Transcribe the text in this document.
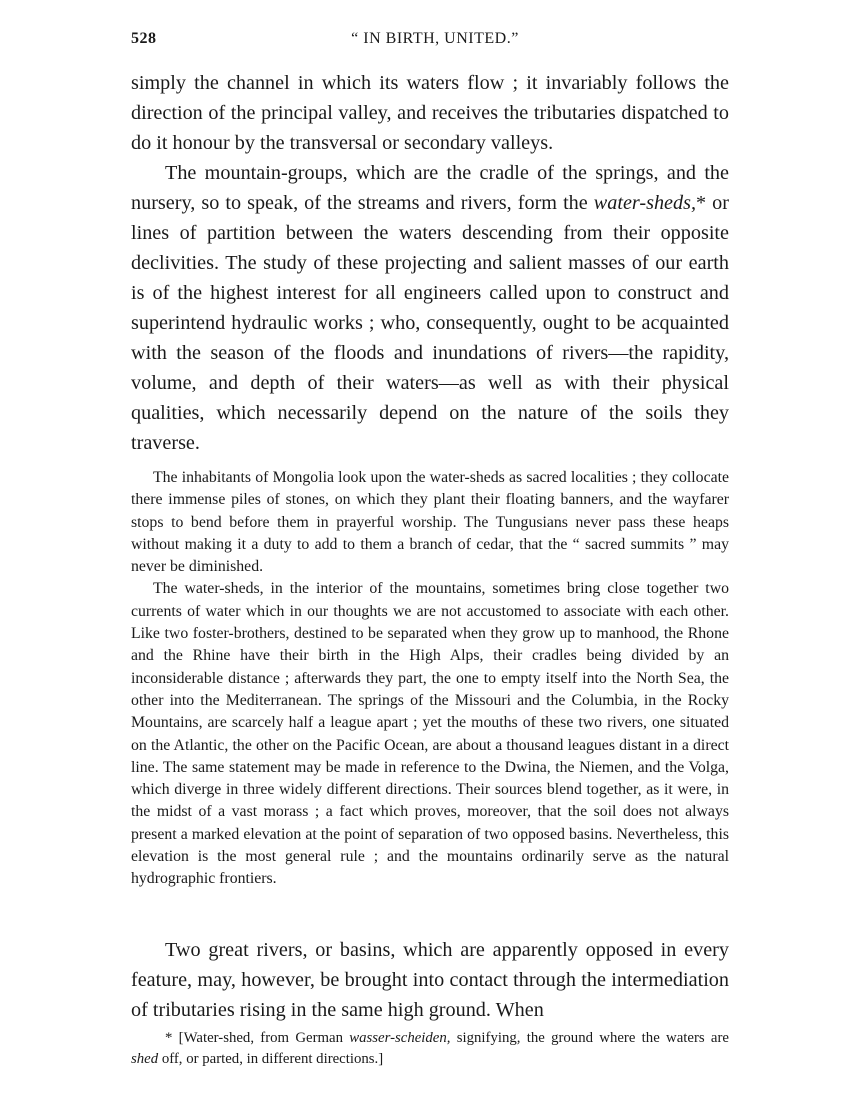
528	“ IN BIRTH, UNITED.”

simply the channel in which its waters flow ; it invariably follows the direction of the principal valley, and receives the tributaries dispatched to do it honour by the transversal or secondary valleys.

The mountain-groups, which are the cradle of the springs, and the nursery, so to speak, of the streams and rivers, form the water-sheds,* or lines of partition between the waters descending from their opposite declivities. The study of these projecting and salient masses of our earth is of the highest interest for all engineers called upon to construct and superintend hydraulic works ; who, consequently, ought to be acquainted with the season of the floods and inundations of rivers—the rapidity, volume, and depth of their waters—as well as with their physical qualities, which necessarily depend on the nature of the soils they traverse.

The inhabitants of Mongolia look upon the water-sheds as sacred localities ; they collocate there immense piles of stones, on which they plant their floating banners, and the wayfarer stops to bend before them in prayerful worship. The Tungusians never pass these heaps without making it a duty to add to them a branch of cedar, that the “ sacred summits ” may never be diminished.

The water-sheds, in the interior of the mountains, sometimes bring close together two currents of water which in our thoughts we are not accustomed to associate with each other. Like two foster-brothers, destined to be separated when they grow up to manhood, the Rhone and the Rhine have their birth in the High Alps, their cradles being divided by an inconsiderable distance ; afterwards they part, the one to empty itself into the North Sea, the other into the Mediterranean. The springs of the Missouri and the Columbia, in the Rocky Mountains, are scarcely half a league apart ; yet the mouths of these two rivers, one situated on the Atlantic, the other on the Pacific Ocean, are about a thousand leagues distant in a direct line. The same statement may be made in reference to the Dwina, the Niemen, and the Volga, which diverge in three widely different directions. Their sources blend together, as it were, in the midst of a vast morass ; a fact which proves, moreover, that the soil does not always present a marked elevation at the point of separation of two opposed basins. Nevertheless, this elevation is the most general rule ; and the mountains ordinarily serve as the natural hydrographic frontiers.

Two great rivers, or basins, which are apparently opposed in every feature, may, however, be brought into contact through the intermediation of tributaries rising in the same high ground. When

* [Water-shed, from German wasser-scheiden, signifying, the ground where the waters are shed off, or parted, in different directions.]
